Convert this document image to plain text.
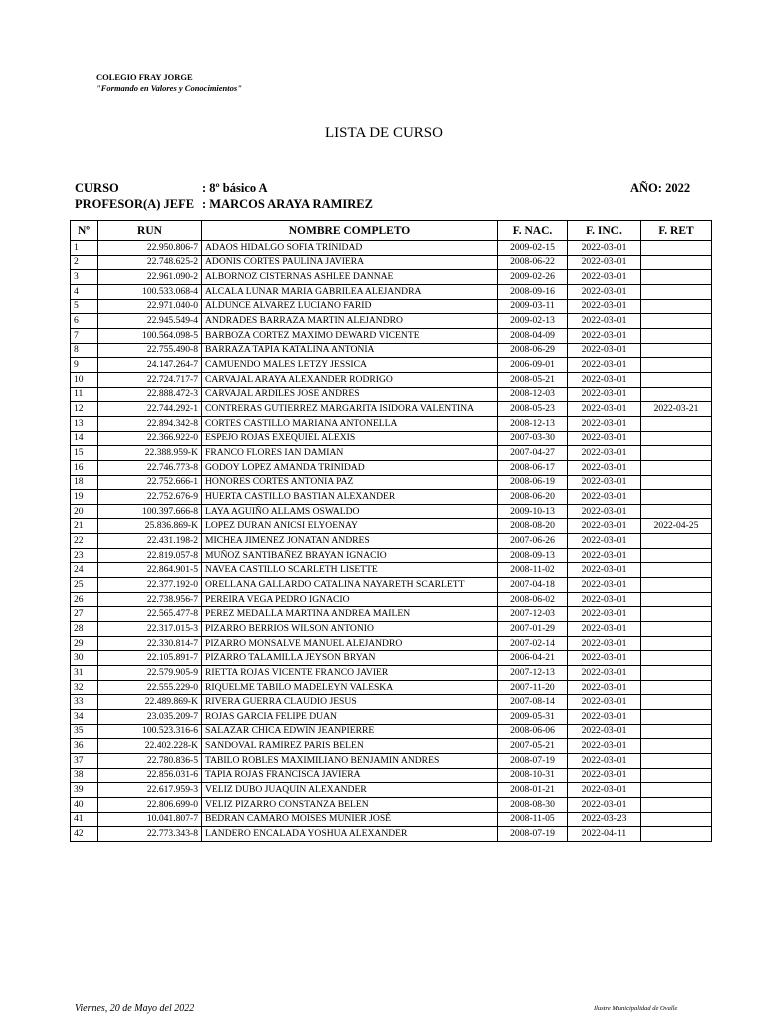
COLEGIO FRAY JORGE
"Formando en Valores y Conocimientos"
LISTA DE CURSO
CURSO	: 8º básico A	AÑO: 2022
PROFESOR(A) JEFE : MARCOS ARAYA RAMIREZ
Nº	RUN	NOMBRE COMPLETO	F. NAC.	F. INC.	F. RET
1	22.950.806-7	ADAOS HIDALGO SOFIA TRINIDAD	2009-02-15	2022-03-01	
2	22.748.625-2	ADONIS CORTES PAULINA JAVIERA	2008-06-22	2022-03-01	
3	22.961.090-2	ALBORNOZ CISTERNAS ASHLEE DANNAE	2009-02-26	2022-03-01	
4	100.533.068-4	ALCALA LUNAR MARIA GABRILEA ALEJANDRA	2008-09-16	2022-03-01	
5	22.971.040-0	ALDUNCE ALVAREZ LUCIANO FARID	2009-03-11	2022-03-01	
6	22.945.549-4	ANDRADES BARRAZA MARTIN ALEJANDRO	2009-02-13	2022-03-01	
7	100.564.098-5	BARBOZA CORTEZ MAXIMO DEWARD VICENTE	2008-04-09	2022-03-01	
8	22.755.490-8	BARRAZA TAPIA KATALINA ANTONIA	2008-06-29	2022-03-01	
9	24.147.264-7	CAMUENDO MALES LETZY JESSICA	2006-09-01	2022-03-01	
10	22.724.717-7	CARVAJAL ARAYA ALEXANDER RODRIGO	2008-05-21	2022-03-01	
11	22.888.472-3	CARVAJAL ARDILES JOSE ANDRES	2008-12-03	2022-03-01	
12	22.744.292-1	CONTRERAS GUTIERREZ MARGARITA ISIDORA VALENTINA	2008-05-23	2022-03-01	2022-03-21
13	22.894.342-8	CORTES CASTILLO MARIANA ANTONELLA	2008-12-13	2022-03-01	
14	22.366.922-0	ESPEJO ROJAS EXEQUIEL ALEXIS	2007-03-30	2022-03-01	
15	22.388.959-K	FRANCO FLORES IAN DAMIAN	2007-04-27	2022-03-01	
16	22.746.773-8	GODOY LOPEZ AMANDA TRINIDAD	2008-06-17	2022-03-01	
18	22.752.666-1	HONORES CORTES ANTONIA PAZ	2008-06-19	2022-03-01	
19	22.752.676-9	HUERTA CASTILLO BASTIAN ALEXANDER	2008-06-20	2022-03-01	
20	100.397.666-8	LAYA AGUIÑO ALLAMS OSWALDO	2009-10-13	2022-03-01	
21	25.836.869-K	LOPEZ DURAN ANICSI ELYOENAY	2008-08-20	2022-03-01	2022-04-25
22	22.431.198-2	MICHEA JIMENEZ JONATAN ANDRES	2007-06-26	2022-03-01	
23	22.819.057-8	MUÑOZ SANTIBAÑEZ BRAYAN IGNACIO	2008-09-13	2022-03-01	
24	22.864.901-5	NAVEA CASTILLO SCARLETH LISETTE	2008-11-02	2022-03-01	
25	22.377.192-0	ORELLANA GALLARDO CATALINA NAYARETH SCARLETT	2007-04-18	2022-03-01	
26	22.738.956-7	PEREIRA VEGA PEDRO IGNACIO	2008-06-02	2022-03-01	
27	22.565.477-8	PEREZ MEDALLA MARTINA ANDREA MAILEN	2007-12-03	2022-03-01	
28	22.317.015-3	PIZARRO BERRIOS WILSON ANTONIO	2007-01-29	2022-03-01	
29	22.330.814-7	PIZARRO MONSALVE MANUEL ALEJANDRO	2007-02-14	2022-03-01	
30	22.105.891-7	PIZARRO TALAMILLA JEYSON BRYAN	2006-04-21	2022-03-01	
31	22.579.905-9	RIETTA ROJAS VICENTE FRANCO JAVIER	2007-12-13	2022-03-01	
32	22.555.229-0	RIQUELME TABILO MADELEYN VALESKA	2007-11-20	2022-03-01	
33	22.489.869-K	RIVERA GUERRA CLAUDIO JESUS	2007-08-14	2022-03-01	
34	23.035.209-7	ROJAS GARCIA FELIPE DUAN	2009-05-31	2022-03-01	
35	100.523.316-6	SALAZAR CHICA EDWIN JEANPIERRE	2008-06-06	2022-03-01	
36	22.402.228-K	SANDOVAL RAMIREZ PARIS BELEN	2007-05-21	2022-03-01	
37	22.780.836-5	TABILO ROBLES MAXIMILIANO BENJAMIN ANDRES	2008-07-19	2022-03-01	
38	22.856.031-6	TAPIA ROJAS FRANCISCA JAVIERA	2008-10-31	2022-03-01	
39	22.617.959-3	VELIZ DUBO JUAQUIN ALEXANDER	2008-01-21	2022-03-01	
40	22.806.699-0	VELIZ PIZARRO CONSTANZA BELEN	2008-08-30	2022-03-01	
41	10.041.807-7	BEDRAN CAMARO MOISES MUNIER JOSÉ	2008-11-05	2022-03-23	
42	22.773.343-8	LANDERO ENCALADA YOSHUA ALEXANDER	2008-07-19	2022-04-11	
Viernes, 20 de Mayo del 2022	Ilustre Municipalidad de Ovalle
